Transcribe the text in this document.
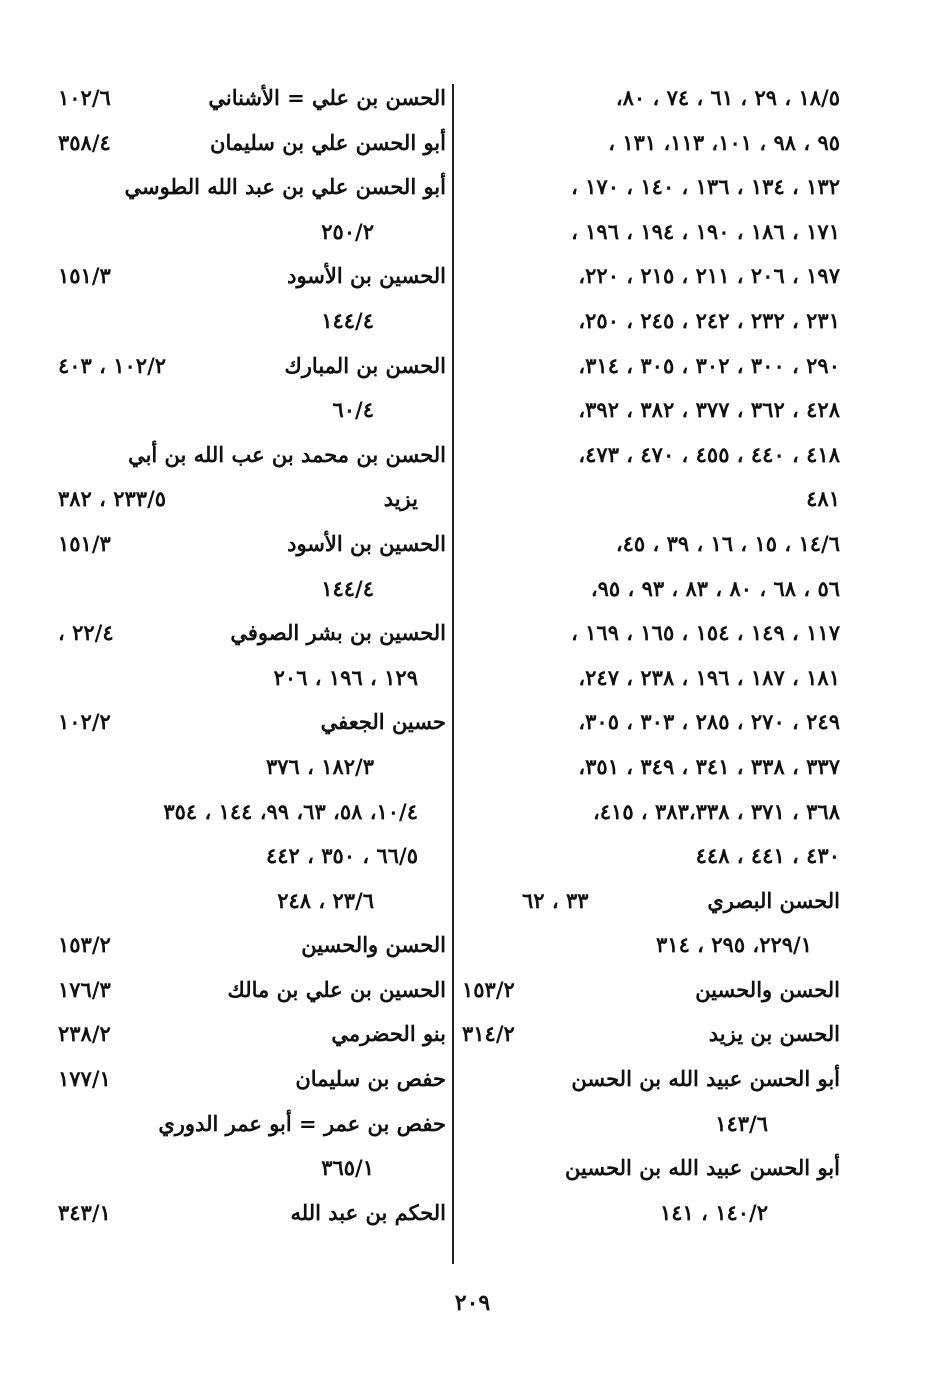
١٨/٥ ، ٢٩ ، ٦١ ، ٧٤ ، ٨٠،
٩٥ ، ٩٨ ، ١٠١، ١١٣، ١٣١ ،
١٣٢ ، ١٣٤ ، ١٣٦ ، ١٤٠ ، ١٧٠ ،
١٧١ ، ١٨٦ ، ١٩٠ ، ١٩٤ ، ١٩٦ ،
١٩٧ ، ٢٠٦ ، ٢١١ ، ٢١٥ ، ٢٢٠،
٢٣١ ، ٢٣٢ ، ٢٤٢ ، ٢٤٥ ، ٢٥٠،
٢٩٠ ، ٣٠٠ ، ٣٠٢ ، ٣٠٥ ، ٣١٤،
٤٢٨ ، ٣٦٢ ، ٣٧٧ ، ٣٨٢ ، ٣٩٢،
٤١٨ ، ٤٤٠ ، ٤٥٥ ، ٤٧٠ ، ٤٧٣،
٤٨١
١٤/٦ ، ١٥ ، ١٦ ، ٣٩ ، ٤٥،
٥٦ ، ٦٨ ، ٨٠ ، ٨٣ ، ٩٣ ، ٩٥،
١١٧ ، ١٤٩ ، ١٥٤ ، ١٦٥ ، ١٦٩ ،
١٨١ ، ١٨٧ ، ١٩٦ ، ٢٣٨ ، ٢٤٧،
٢٤٩ ، ٢٧٠ ، ٢٨٥ ، ٣٠٣ ، ٣٠٥،
٣٣٧ ، ٣٣٨ ، ٣٤١ ، ٣٤٩ ، ٣٥١،
٣٦٨ ، ٣٧١ ، ٣٨٣،٣٣٨ ، ٤١٥،
٤٣٠ ، ٤٤١ ، ٤٤٨
الحسن البصري
٣٣ ، ٦٢
٢٢٩/١، ٢٩٥ ، ٣١٤
الحسن والحسين
١٥٣/٢
الحسن بن يزيد
٣١٤/٢
أبو الحسن عبيد الله بن الحسن
١٤٣/٦
أبو الحسن عبيد الله بن الحسين
١٤٠/٢ ، ١٤١
الحسن بن علي = الأشناني
١٠٢/٦
أبو الحسن علي بن سليمان
٣٥٨/٤
أبو الحسن علي بن عبد الله الطوسي
٢٥٠/٢
الحسين بن الأسود
١٥١/٣
١٤٤/٤
الحسن بن المبارك
١٠٢/٢ ، ٤٠٣
٦٠/٤
الحسن بن محمد بن عب الله بن أبي
يزيد
٢٣٣/٥ ، ٣٨٢
الحسين بن الأسود
١٥١/٣
١٤٤/٤
الحسين بن بشر الصوفي
٢٢/٤ ،
١٢٩ ، ١٩٦ ، ٢٠٦
حسين الجعفي
١٠٢/٢
١٨٢/٣ ، ٣٧٦
١٠/٤، ٥٨، ٦٣، ٩٩، ١٤٤ ، ٣٥٤
٦٦/٥ ، ٣٥٠ ، ٤٤٢
٢٣/٦ ، ٢٤٨
الحسن والحسين
١٥٣/٢
الحسين بن علي بن مالك
١٧٦/٣
بنو الحضرمي
٢٣٨/٢
حفص بن سليمان
١٧٧/١
حفص بن عمر = أبو عمر الدوري
٣٦٥/١
الحكم بن عبد الله
٣٤٣/١
٢٠٩
